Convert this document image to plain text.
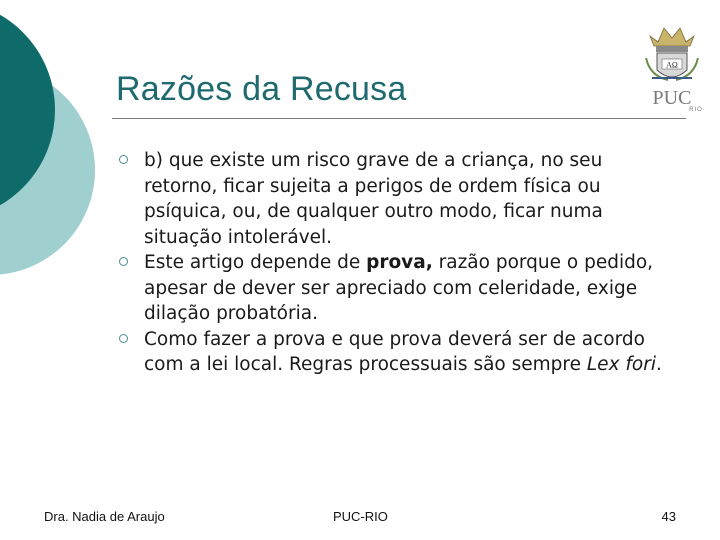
Razões da Recusa
AΩ
PUC
RIO
b) que existe um risco grave de a criança, no seu retorno, ficar sujeita a perigos de ordem física ou psíquica, ou, de qualquer outro modo, ficar numa situação intolerável.
Este artigo depende de prova, razão porque o pedido, apesar de dever ser apreciado com celeridade, exige dilação probatória.
Como fazer a prova e que prova deverá ser de acordo com a lei local. Regras processuais são sempre Lex fori.
Dra. Nadia de Araujo	PUC-RIO	43
